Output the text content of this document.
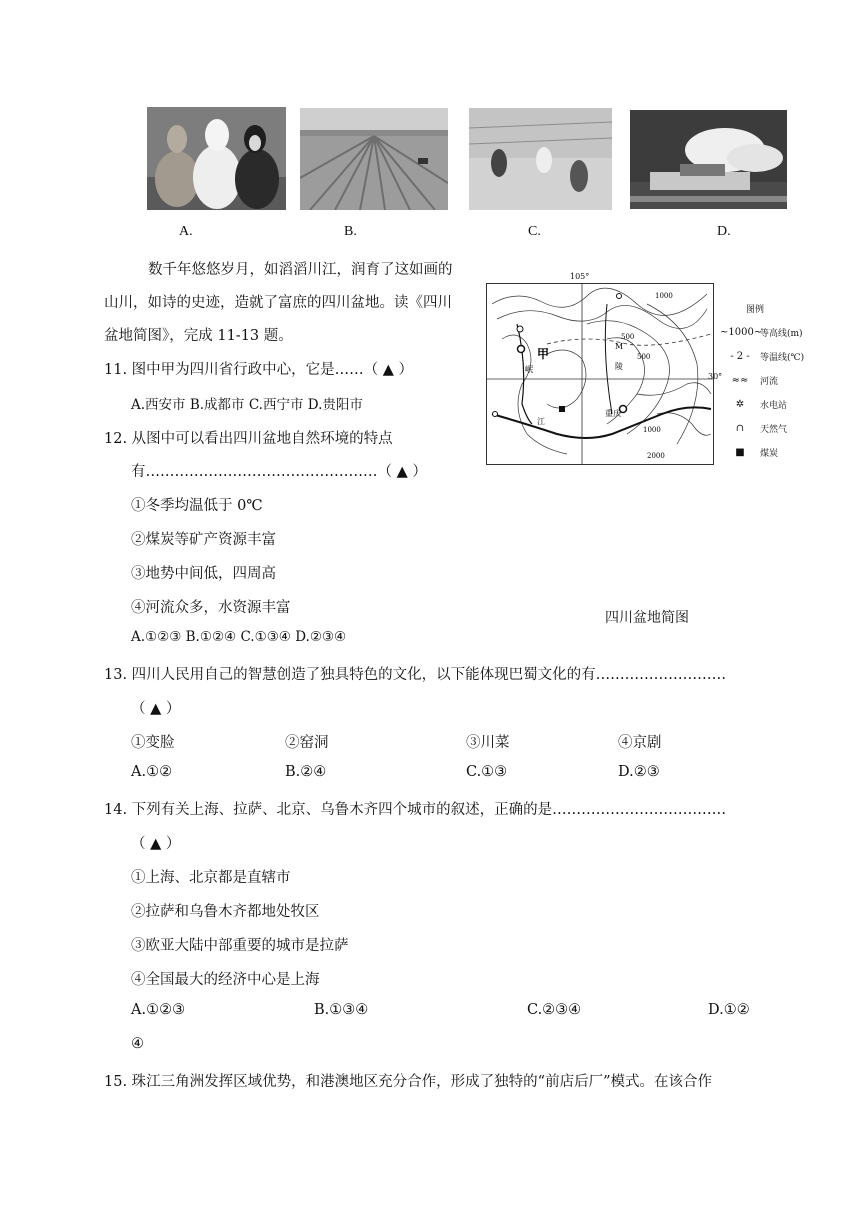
A.	B.	C.	D.
数千年悠悠岁月，如滔滔川江，润育了这如画的
山川，如诗的史迹，造就了富庶的四川盆地。读《四川
盆地简图》，完成 11-13 题。
甲
重庆
1000
500
2000
1000
500
M
陵
江
岷
105°
30°
图例
~1000~
等高线(m)
- 2 -	等温线(℃)
≈≈	河流
✲	水电站
∩	天然气
■	煤炭
四川盆地简图
11. 图中甲为四川省行政中心，它是……（ ▲ ）
A.西安市 B.成都市 C.西宁市 D.贵阳市
12. 从图中可以看出四川盆地自然环境的特点
有…………………………………………（ ▲ ）
①冬季均温低于 0℃
②煤炭等矿产资源丰富
③地势中间低，四周高
④河流众多，水资源丰富
A.①②③ B.①②④ C.①③④ D.②③④
13. 四川人民用自己的智慧创造了独具特色的文化，以下能体现巴蜀文化的有………………………
（ ▲ ）
①变脸	②窑洞	③川菜	④京剧
A.①②	B.②④	C.①③	D.②③
14. 下列有关上海、拉萨、北京、乌鲁木齐四个城市的叙述，正确的是………………………………
（ ▲ ）
①上海、北京都是直辖市
②拉萨和乌鲁木齐都地处牧区
③欧亚大陆中部重要的城市是拉萨
④全国最大的经济中心是上海
A.①②③	B.①③④	C.②③④	D.①②
④
15. 珠江三角洲发挥区域优势，和港澳地区充分合作，形成了独特的“前店后厂”模式。在该合作
